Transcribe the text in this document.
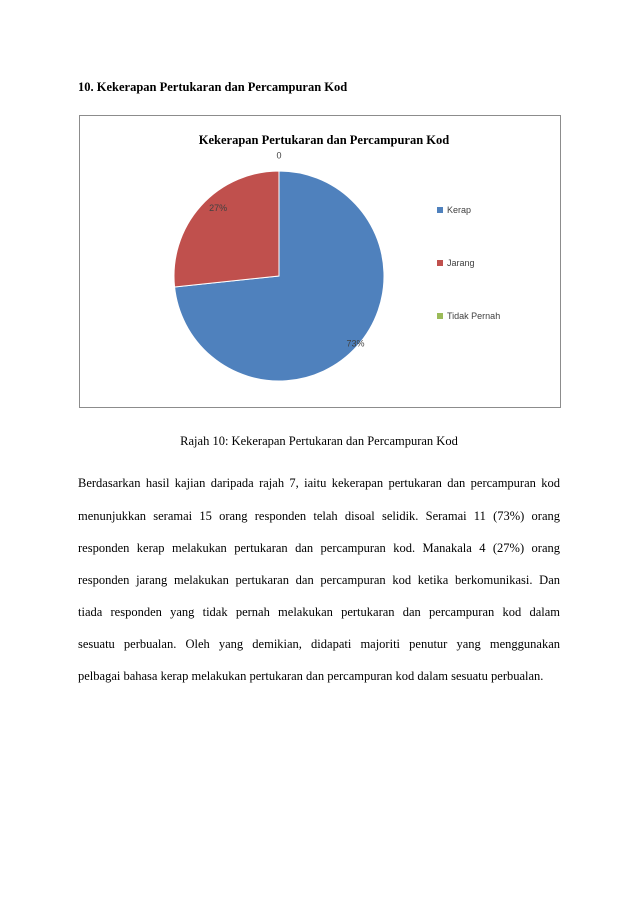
10. Kekerapan Pertukaran dan Percampuran Kod
Kekerapan Pertukaran dan Percampuran Kod
73%
27%
0
Kerap
Jarang
Tidak Pernah
Rajah 10: Kekerapan Pertukaran dan Percampuran Kod
Berdasarkan hasil kajian daripada rajah 7, iaitu kekerapan pertukaran dan percampuran kod
menunjukkan seramai 15 orang responden telah disoal selidik. Seramai 11 (73%) orang
responden kerap melakukan pertukaran dan percampuran kod. Manakala 4 (27%) orang
responden jarang melakukan pertukaran dan percampuran kod ketika berkomunikasi. Dan
tiada responden yang tidak pernah melakukan pertukaran dan percampuran kod dalam
sesuatu perbualan. Oleh yang demikian, didapati majoriti penutur yang menggunakan
pelbagai bahasa kerap melakukan pertukaran dan percampuran kod dalam sesuatu perbualan.
